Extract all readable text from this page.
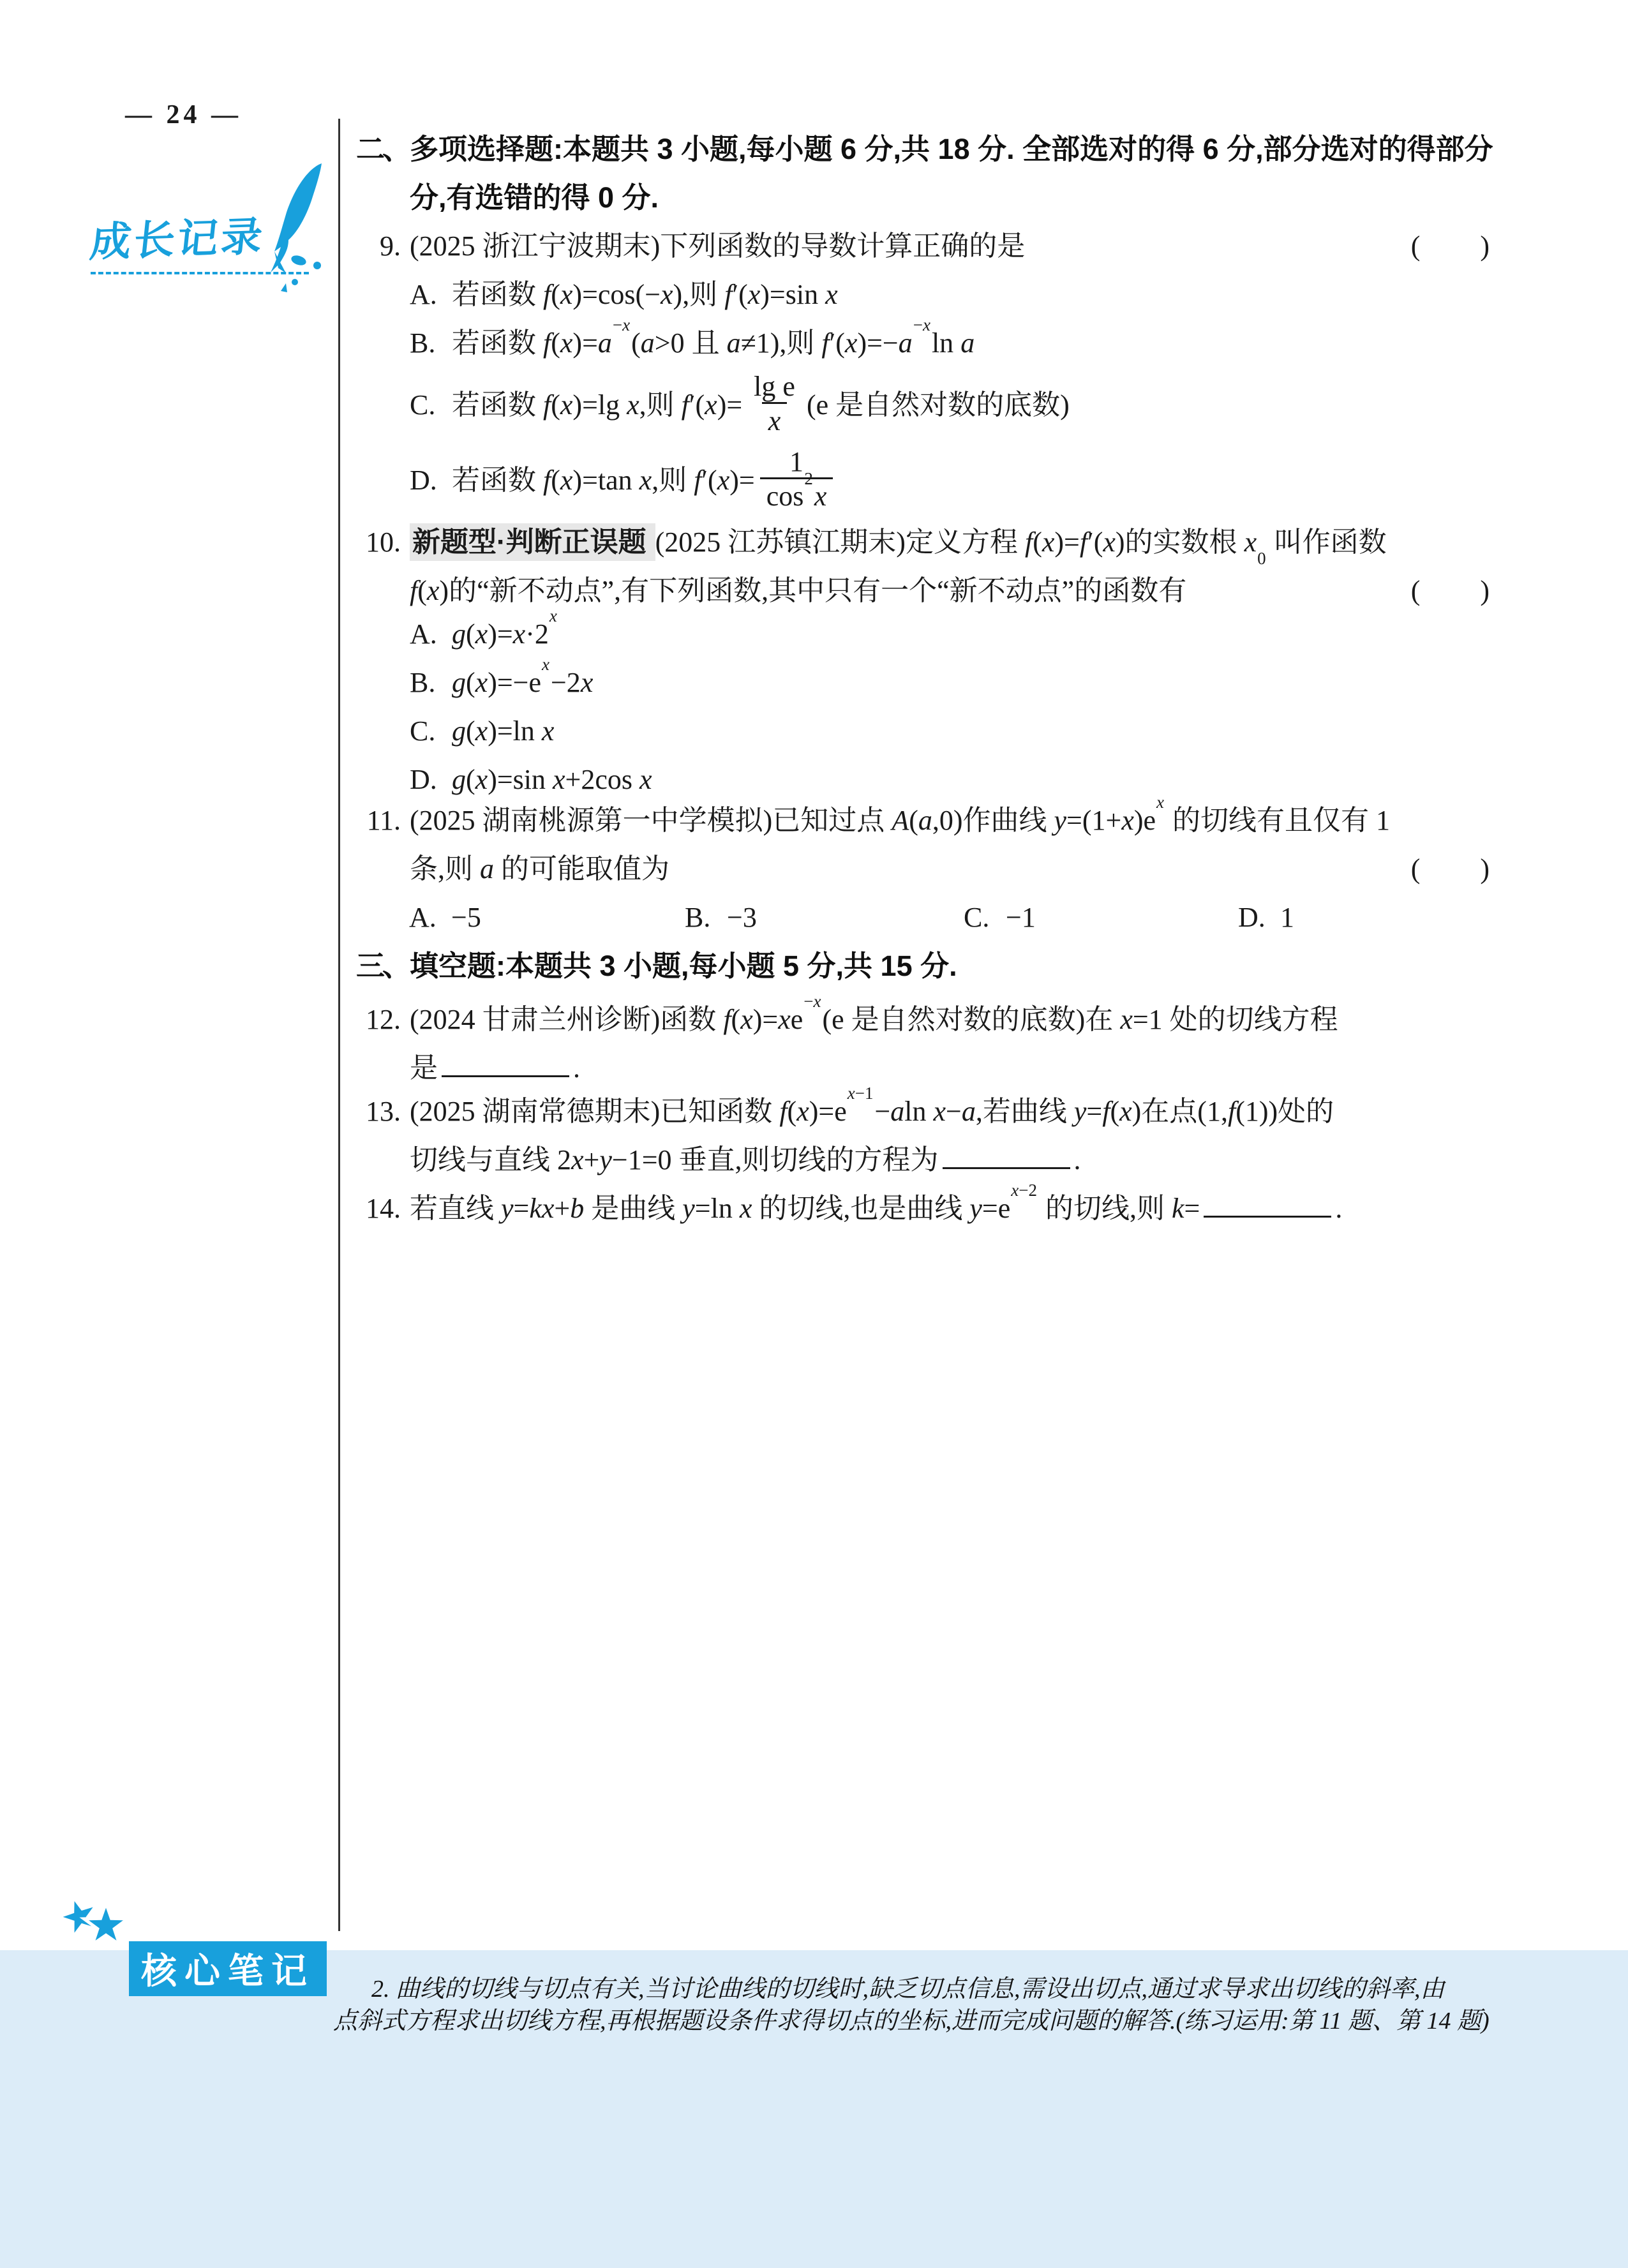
— 24 —
成长记录
二、 多项选择题:本题共 3 小题,每小题 6 分,共 18 分. 全部选对的得 6 分,部分选对的得部分
分,有选错的得 0 分.
9. (2025 浙江宁波期末)下列函数的导数计算正确的是	(　　)
A. 若函数 f(x)=cos(−x),则 f′(x)=sin x
B. 若函数 $f(x)=a^{-x}(a>0$ 且 a≠1),则 $f'(x)=-a^{-x}\ln$ a
C. 若函数 f(x)=lg x,则 $f'(x)= \frac{\text{lg e}}{x} (e$ 是自然对数的底数)
D. 若函数 f(x)=tan x,则 $f'(x)= \frac{1}{\cos^2x}$
10. 新题型·判断正误题 (2025 江苏镇江期末)定义方程 f(x)=f′(x)的实数根 $x_0$ 叫作函数
f(x)的“新不动点”,有下列函数,其中只有一个“新不动点”的函数有	(　　)
A. $g(x)=x\cdot 2^x$
B. $g(x)=-e^x-2x$
C. g(x)=ln x
D. g(x)=sin x+2cos x
11. (2025 湖南桃源第一中学模拟)已知过点 A(a,0)作曲线 $y=(1+x)e^x$ 的切线有且仅有 1
条,则 a 的可能取值为	(　　)
A. −5	B. −3	C. −1	D. 1
三、 填空题:本题共 3 小题,每小题 5 分,共 15 分.
12. (2024 甘肃兰州诊断)函数 $f(x)=xe^{-x}(e$ 是自然对数的底数)在 x=1 处的切线方程
是	.
13. (2025 湖南常德期末)已知函数 $f(x)=e^{x-1}-aln$ x−a,若曲线 y=f(x)在点(1,f(1))处的
切线与直线 2x+y−1=0 垂直,则切线的方程为	.
14. 若直线 y=kx+b 是曲线 y=ln x 的切线,也是曲线 $y=e^{x-2}$ 的切线,则 k=	.
核心笔记	2. 曲线的切线与切点有关,当讨论曲线的切线时,缺乏切点信息,需设出切点,通过求导求出切线的斜率,由
点斜式方程求出切线方程,再根据题设条件求得切点的坐标,进而完成问题的解答.(练习运用:第 11 题、第 14 题)
